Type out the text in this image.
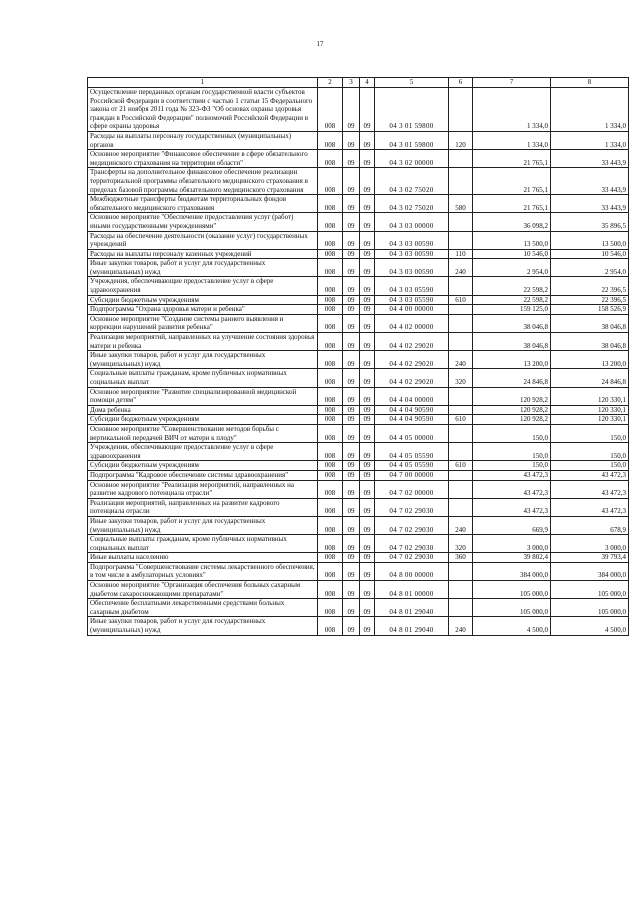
17
1	2	3	4	5	6	7	8
Осуществление переданных органам государственной власти субъектов Российской Федерации в соответствии с частью 1 статьи 15 Федерального закона от 21 ноября 2011 года № 323-ФЗ "Об основах охраны здоровья граждан в Российской Федерации" полномочий Российской Федерации в сфере охраны здоровья	008	09	09	04 3 01 59800		1 334,0	1 334,0
Расходы на выплаты персоналу государственных (муниципальных) органов	008	09	09	04 3 01 59800	120	1 334,0	1 334,0
Основное мероприятие "Финансовое обеспечение в сфере обязательного медицинского страхования на территории области"	008	09	09	04 3 02 00000		21 765,1	33 443,9
Трансферты на дополнительное финансовое обеспечение реализации территориальной программы обязательного медицинского страхования в пределах базовой программы обязательного медицинского страхования	008	09	09	04 3 02 75020		21 765,1	33 443,9
Межбюджетные трансферты бюджетам территориальных фондов обязательного медицинского страхования	008	09	09	04 3 02 75020	580	21 765,1	33 443,9
Основное мероприятие "Обеспечение предоставления услуг (работ) иными государственными учреждениями"	008	09	09	04 3 03 00000		36 098,2	35 896,5
Расходы на обеспечение деятельности (оказание услуг) государственных учреждений	008	09	09	04 3 03 00590		13 500,0	13 500,0
Расходы на выплаты персоналу казенных учреждений	008	09	09	04 3 03 00590	110	10 546,0	10 546,0
Иные закупки товаров, работ и услуг для государственных (муниципальных) нужд	008	09	09	04 3 03 00590	240	2 954,0	2 954,0
Учреждения, обеспечивающие предоставление услуг в сфере здравоохранения	008	09	09	04 3 03 05590		22 598,2	22 396,5
Субсидии бюджетным учреждениям	008	09	09	04 3 03 05590	610	22 598,2	22 396,5
Подпрограмма "Охрана здоровья матери и ребенка"	008	09	09	04 4 00 00000		159 125,0	158 526,9
Основное мероприятие "Создание системы раннего выявления и коррекции нарушений развития ребенка"	008	09	09	04 4 02 00000		38 046,8	38 046,8
Реализация мероприятий, направленных на улучшение состояния здоровья матери и ребенка	008	09	09	04 4 02 29020		38 046,8	38 046,8
Иные закупки товаров, работ и услуг для государственных (муниципальных) нужд	008	09	09	04 4 02 29020	240	13 200,0	13 200,0
Социальные выплаты гражданам, кроме публичных нормативных социальных выплат	008	09	09	04 4 02 29020	320	24 846,8	24 846,8
Основное мероприятие "Развитие специализированной медицинской помощи детям"	008	09	09	04 4 04 00000		120 928,2	120 330,1
Дома ребенка	008	09	09	04 4 04 90590		120 928,2	120 330,1
Субсидии бюджетным учреждениям	008	09	09	04 4 04 90590	610	120 928,2	120 330,1
Основное мероприятие "Совершенствование методов борьбы с вертикальной передачей ВИЧ от матери к плоду"	008	09	09	04 4 05 00000		150,0	150,0
Учреждения, обеспечивающие предоставление услуг в сфере здравоохранения	008	09	09	04 4 05 05590		150,0	150,0
Субсидии бюджетным учреждениям	008	09	09	04 4 05 05590	610	150,0	150,0
Подпрограмма "Кадровое обеспечение системы здравоохранения"	008	09	09	04 7 00 00000		43 472,3	43 472,3
Основное мероприятие "Реализация мероприятий, направленных на развитие кадрового потенциала отрасли"	008	09	09	04 7 02 00000		43 472,3	43 472,3
Реализация мероприятий, направленных на развитие кадрового потенциала отрасли	008	09	09	04 7 02 29030		43 472,3	43 472,3
Иные закупки товаров, работ и услуг для государственных (муниципальных) нужд	008	09	09	04 7 02 29030	240	669,9	678,9
Социальные выплаты гражданам, кроме публичных нормативных социальных выплат	008	09	09	04 7 02 29030	320	3 000,0	3 000,0
Иные выплаты населению	008	09	09	04 7 02 29030	360	39 802,4	39 793,4
Подпрограмма "Совершенствование системы лекарственного обеспечения, в том числе в амбулаторных условиях"	008	09	09	04 8 00 00000		384 000,0	384 000,0
Основное мероприятие "Организация обеспечения больных сахарным диабетом сахароснижающими препаратами"	008	09	09	04 8 01 00000		105 000,0	105 000,0
Обеспечение бесплатными лекарственными средствами больных сахарным диабетом	008	09	09	04 8 01 29040		105 000,0	105 000,0
Иные закупки товаров, работ и услуг для государственных (муниципальных) нужд	008	09	09	04 8 01 29040	240	4 500,0	4 500,0
